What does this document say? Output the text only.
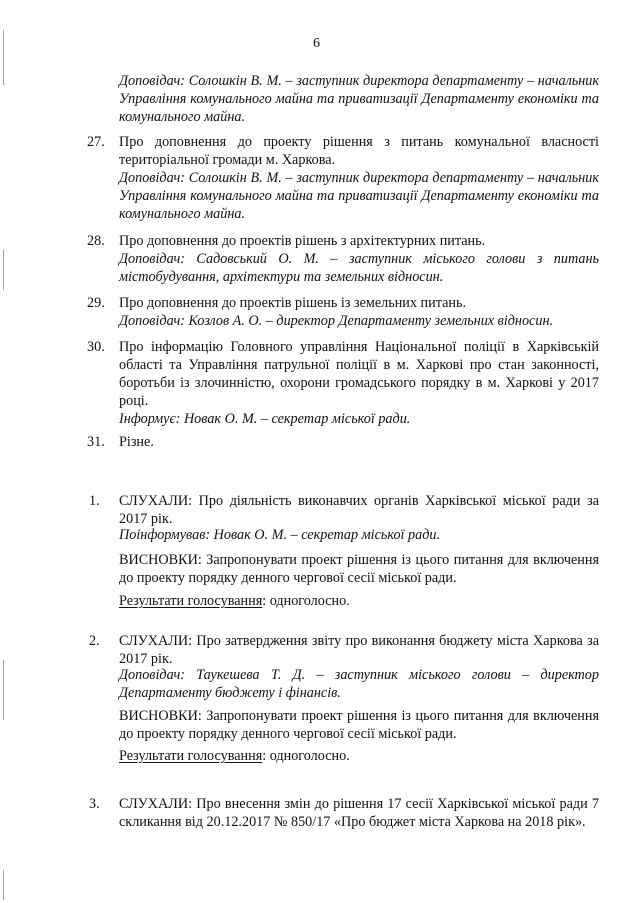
6

Доповідач: Солошкін В. М. – заступник директора департаменту – начальник Управління комунального майна та приватизації Департаменту економіки та комунального майна.

27. Про доповнення до проекту рішення з питань комунальної власності територіальної громади м. Харкова.

Доповідач: Солошкін В. М. – заступник директора департаменту – начальник Управління комунального майна та приватизації Департаменту економіки та комунального майна.

28. Про доповнення до проектів рішень з архітектурних питань.

Доповідач: Садовський О. М. – заступник міського голови з питань містобудування, архітектури та земельних відносин.

29. Про доповнення до проектів рішень із земельних питань.

Доповідач: Козлов А. О. – директор Департаменту земельних відносин.

30. Про інформацію Головного управління Національної поліції в Харківській області та Управління патрульної поліції в м. Харкові про стан законності, боротьби із злочинністю, охорони громадського порядку в м. Харкові у 2017 році.

Інформує: Новак О. М. – секретар міської ради.

31. Різне.

1. СЛУХАЛИ: Про діяльність виконавчих органів Харківської міської ради за 2017 рік.

Поінформував: Новак О. М. – секретар міської ради.

ВИСНОВКИ: Запропонувати проект рішення із цього питання для включення до проекту порядку денного чергової сесії міської ради.

Результати голосування: одноголосно.

2. СЛУХАЛИ: Про затвердження звіту про виконання бюджету міста Харкова за 2017 рік.

Доповідач: Таукешева Т. Д. – заступник міського голови – директор Департаменту бюджету і фінансів.

ВИСНОВКИ: Запропонувати проект рішення із цього питання для включення до проекту порядку денного чергової сесії міської ради.

Результати голосування: одноголосно.

3. СЛУХАЛИ: Про внесення змін до рішення 17 сесії Харківської міської ради 7 скликання від 20.12.2017 № 850/17 «Про бюджет міста Харкова на 2018 рік».
